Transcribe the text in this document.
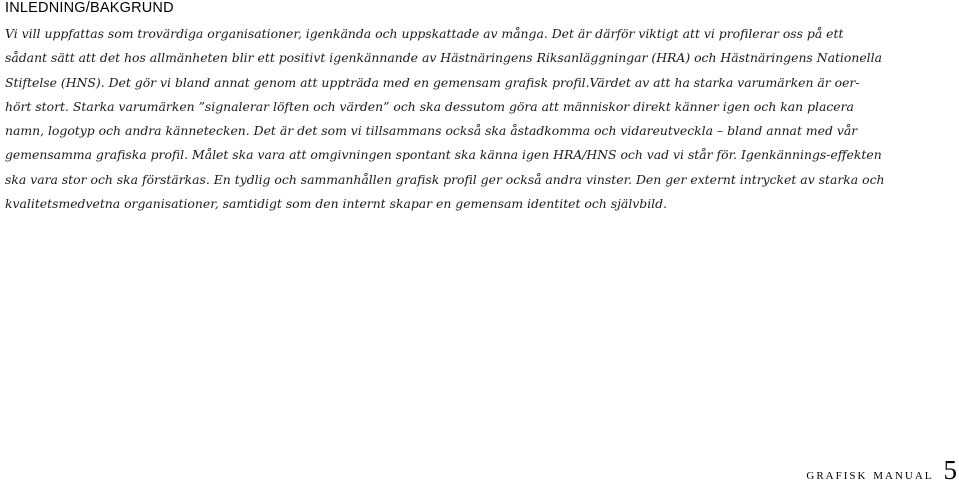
INLEDNING/BAKGRUND
Vi vill uppfattas som trovärdiga organisationer, igenkända och uppskattade av många. Det är därför viktigt att vi profilerar oss på ett
sådant sätt att det hos allmänheten blir ett positivt igenkännande av Hästnäringens Riksanläggningar (HRA) och Hästnäringens Nationella
Stiftelse (HNS). Det gör vi bland annat genom att uppträda med en gemensam grafisk profil.Värdet av att ha starka varumärken är oer-
hört stort. Starka varumärken ”signalerar löften och värden” och ska dessutom göra att människor direkt känner igen och kan placera
namn, logotyp och andra kännetecken. Det är det som vi tillsammans också ska åstadkomma och vidareutveckla – bland annat med vår
gemensamma grafiska profil. Målet ska vara att omgivningen spontant ska känna igen HRA/HNS och vad vi står för. Igenkännings-effekten
ska vara stor och ska förstärkas. En tydlig och sammanhållen grafisk profil ger också andra vinster. Den ger externt intrycket av starka och
kvalitetsmedvetna organisationer, samtidigt som den internt skapar en gemensam identitet och självbild.
grafisk manual 5
